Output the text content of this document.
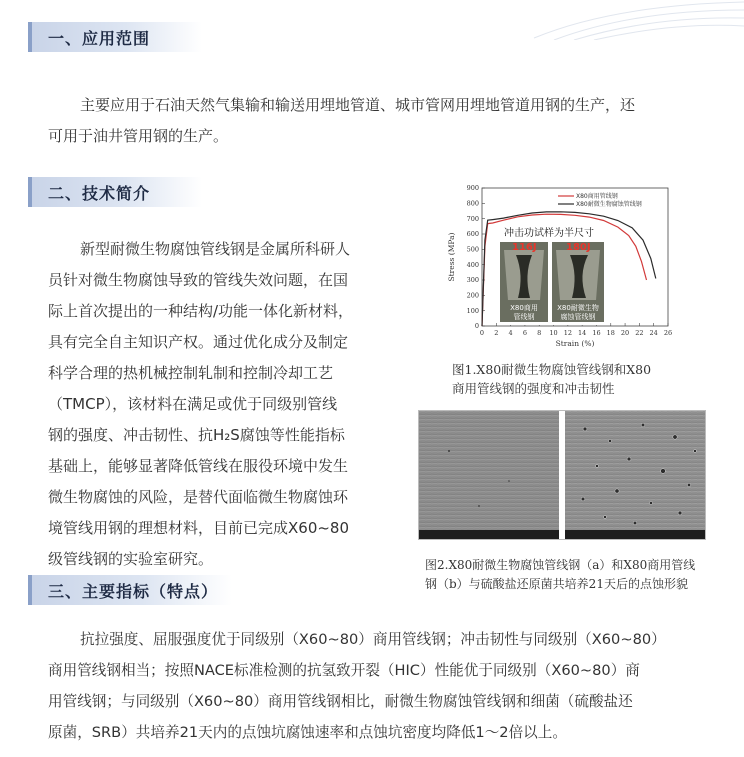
一、应用范围

主要应用于石油天然气集输和输送用埋地管道、城市管网用埋地管道用钢的生产，还

可用于油井管用钢的生产。

二、技术简介

新型耐微生物腐蚀管线钢是金属所科研人

员针对微生物腐蚀导致的管线失效问题，在国

际上首次提出的一种结构/功能一体化新材料，

具有完全自主知识产权。通过优化成分及制定

科学合理的热机械控制轧制和控制冷却工艺

（TMCP），该材料在满足或优于同级别管线

钢的强度、冲击韧性、抗H₂S腐蚀等性能指标

基础上，能够显著降低管线在服役环境中发生

微生物腐蚀的风险，是替代面临微生物腐蚀环

境管线用钢的理想材料，目前已完成X60~80

级管线钢的实验室研究。

Strain (%)
Stress (MPa)
0 2 4 6 8 10 12 14 16 18 20 22 24 26
0
100
200
300
400
500
600
700
800
900
X80商用管线钢
X80耐微生物腐蚀管线钢
冲击功试样为半尺寸
116J	180J
X80商用
管线钢
X80耐微生物
腐蚀管线钢
图1.X80耐微生物腐蚀管线钢和X80
商用管线钢的强度和冲击韧性
图2.X80耐微生物腐蚀管线钢（a）和X80商用管线
钢（b）与硫酸盐还原菌共培养21天后的点蚀形貌
三、主要指标（特点）

抗拉强度、屈服强度优于同级别（X60~80）商用管线钢；冲击韧性与同级别（X60~80）

商用管线钢相当；按照NACE标准检测的抗氢致开裂（HIC）性能优于同级别（X60~80）商

用管线钢；与同级别（X60~80）商用管线钢相比，耐微生物腐蚀管线钢和细菌（硫酸盐还

原菌，SRB）共培养21天内的点蚀坑腐蚀速率和点蚀坑密度均降低1～2倍以上。
